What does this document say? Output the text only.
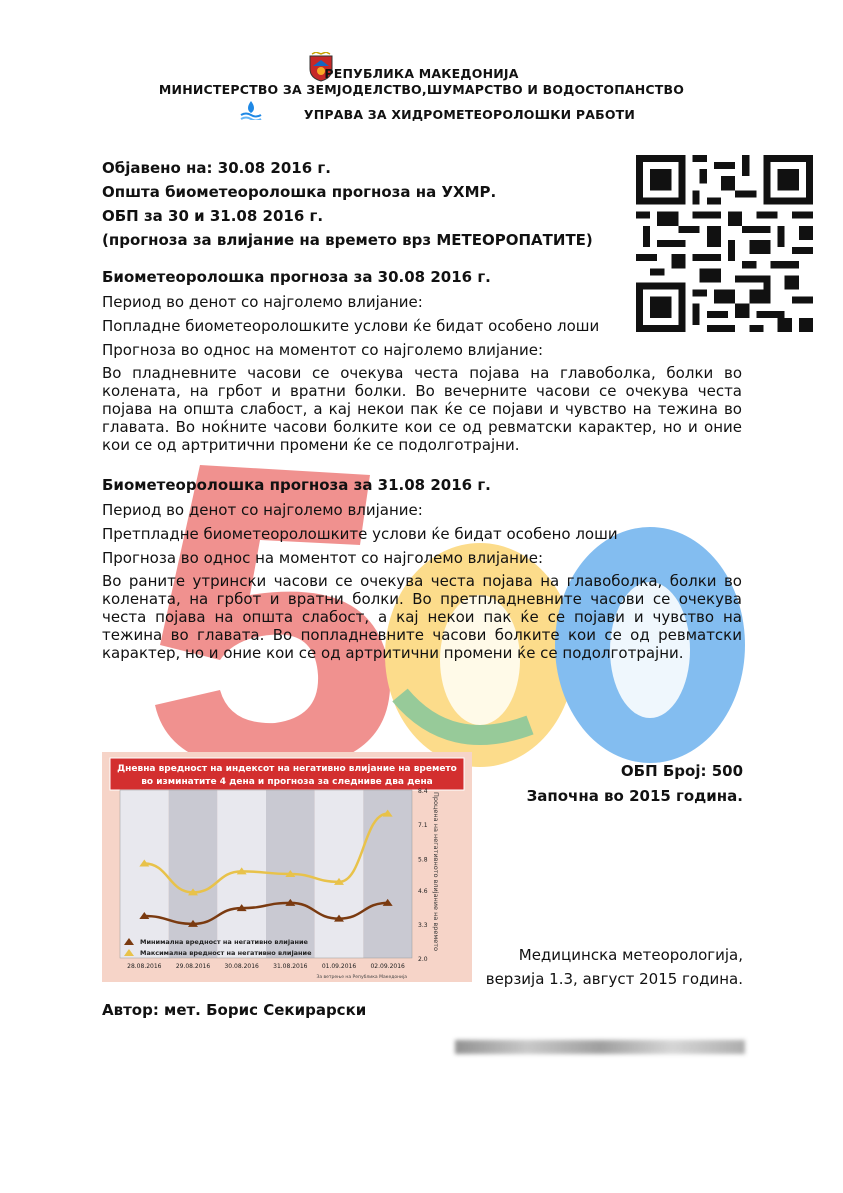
РЕПУБЛИКА МАКЕДОНИЈА
МИНИСТЕРСТВО ЗА ЗЕМЈОДЕЛСТВО,ШУМАРСТВО И ВОДОСТОПАНСТВО
УПРАВА ЗА ХИДРОМЕТЕОРОЛОШКИ РАБОТИ
Објавено на: 30.08 2016 г.
Општа биометеоролошка прогноза на УХМР.
ОБП за 30 и 31.08 2016 г.
(прогноза за влијание на времето врз МЕТЕОРОПАТИТЕ)
Биометеоролошка прогноза за 30.08 2016 г.
Период во денот со најголемо влијание:
Попладне биометеоролошките услови ќе бидат особено лоши
Прогноза во однос на моментот со најголемо влијание:
Во пладневните часови се очекува честа појава на главоболка, болки во колената, на грбот и вратни болки. Во вечерните часови се очекува честа појава на општа слабост, а кај некои пак ќе се појави и чувство на тежина во главата. Во ноќните часови болките кои се од ревматски карактер, но и оние кои се од артритични промени ќе се подолготрајни.
Биометеоролошка прогноза за 31.08 2016 г.
Период во денот со најголемо влијание:
Претпладне биометеоролошките услови ќе бидат особено лоши
Прогноза во однос на моментот со најголемо влијание:
Во раните утрински часови се очекува честа појава на главоболка, болки во колената, на грбот и вратни болки. Во претпладневните часови се очекува честа појава на општа слабост, а кај некои пак ќе се појави и чувство на тежина во главата. Во попладневните часови болките кои се од ревматски карактер, но и оние кои се од артритични промени ќе се подолготрајни.
Дневна вредност на индексот на негативно влијание на времето
во изминатите 4 дена и прогноза за следниве два дена
8.4
7.1
5.8
4.6
3.3
2.0
Процена на негативното влијание на времето
28.08.2016 29.08.2016 30.08.2016 31.08.2016 01.09.2016 02.09.2016
Минимална вредност на негативно влијание
Максимална вредност на негативно влијание
За ветрење на Република Македонија
ОБП Број: 500
Започна во 2015 година.
Медицинска метеорологија,
верзија 1.3, август 2015 година.
Автор: мет. Борис Секирарски
